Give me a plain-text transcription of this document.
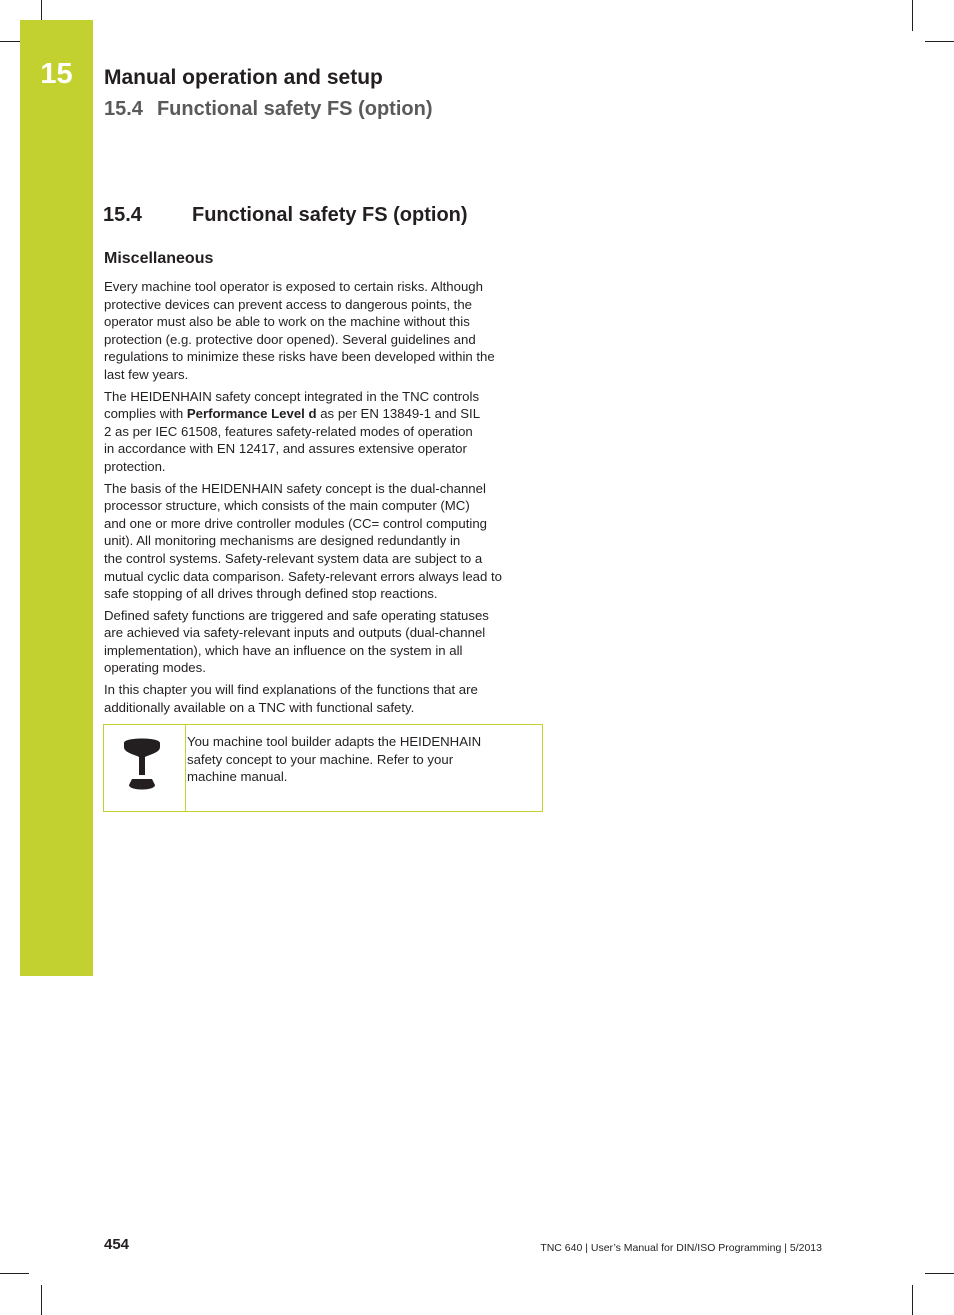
15	Manual operation and setup
15.4 Functional safety FS (option)
15.4	Functional safety FS (option)
Miscellaneous

Every machine tool operator is exposed to certain risks. Although
protective devices can prevent access to dangerous points, the
operator must also be able to work on the machine without this
protection (e.g. protective door opened). Several guidelines and
regulations to minimize these risks have been developed within the
last few years.

The HEIDENHAIN safety concept integrated in the TNC controls
complies with Performance Level d as per EN 13849-1 and SIL
2 as per IEC 61508, features safety-related modes of operation
in accordance with EN 12417, and assures extensive operator
protection.

The basis of the HEIDENHAIN safety concept is the dual-channel
processor structure, which consists of the main computer (MC)
and one or more drive controller modules (CC= control computing
unit). All monitoring mechanisms are designed redundantly in
the control systems. Safety-relevant system data are subject to a
mutual cyclic data comparison. Safety-relevant errors always lead to
safe stopping of all drives through defined stop reactions.

Defined safety functions are triggered and safe operating statuses
are achieved via safety-relevant inputs and outputs (dual-channel
implementation), which have an influence on the system in all
operating modes.

In this chapter you will find explanations of the functions that are
additionally available on a TNC with functional safety.

You machine tool builder adapts the HEIDENHAIN
safety concept to your machine. Refer to your
machine manual.
454	TNC 640 | User’s Manual for DIN/ISO Programming | 5/2013
